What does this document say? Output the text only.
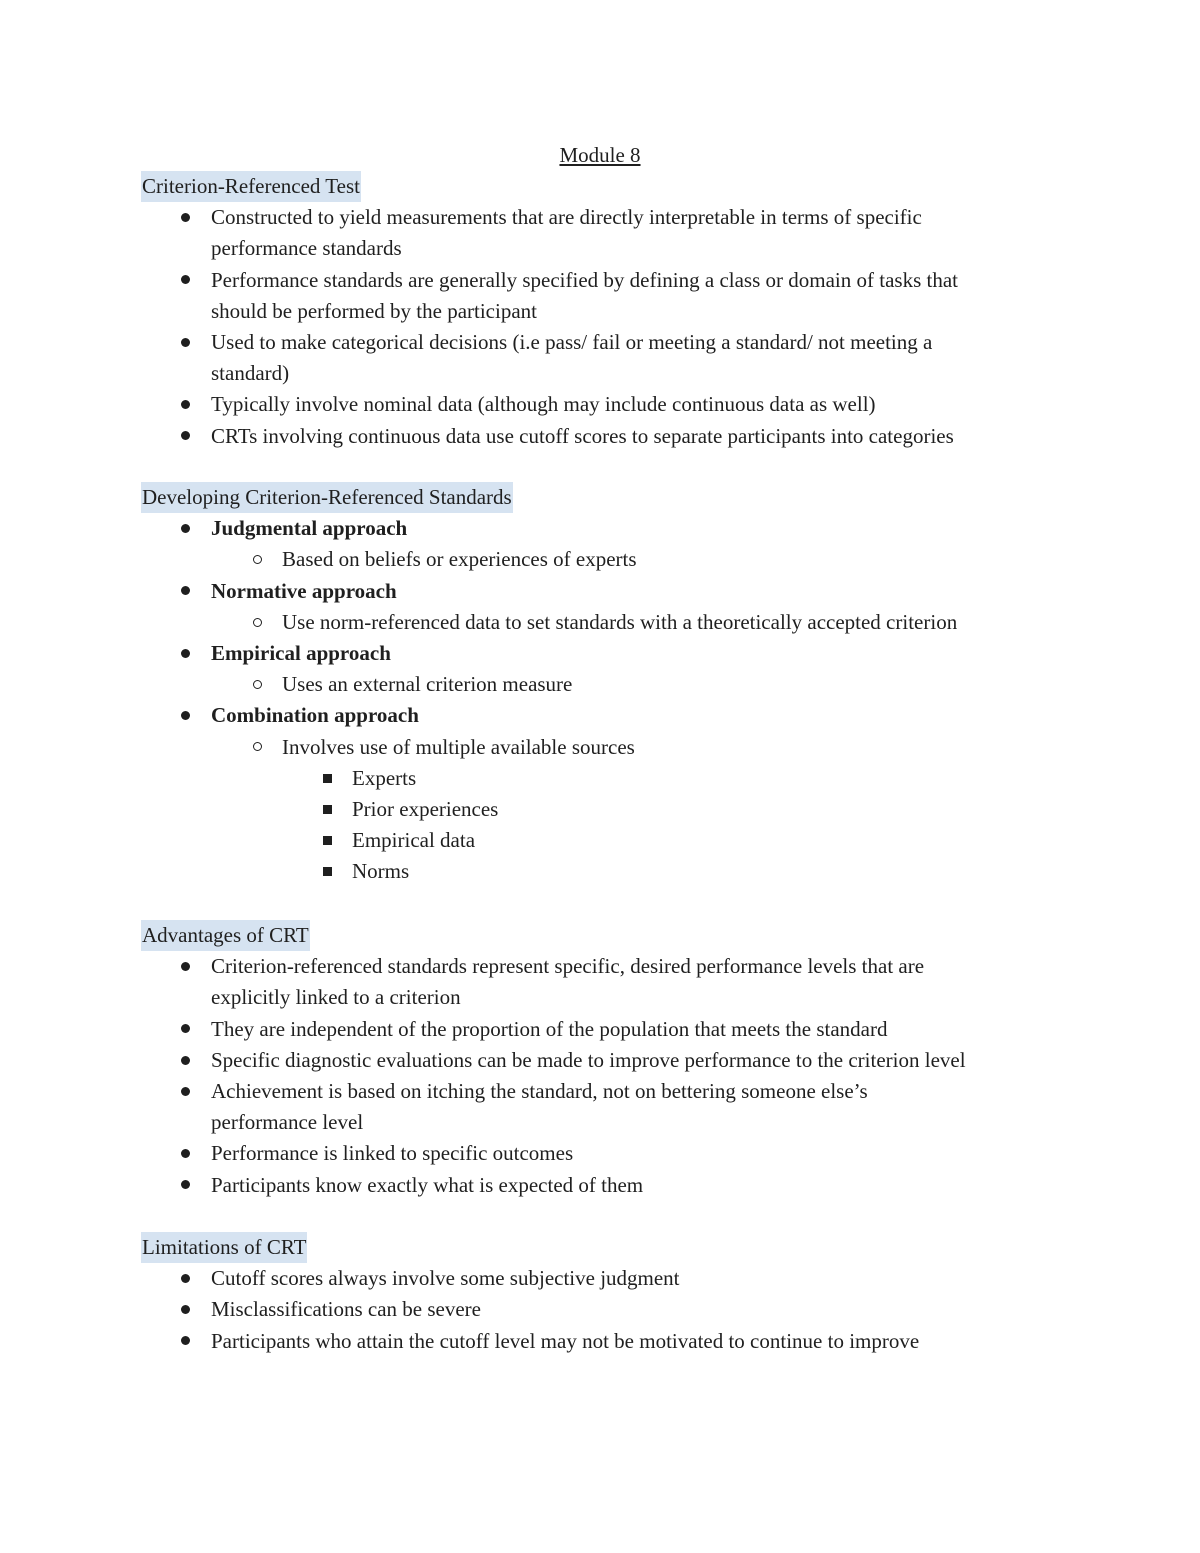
Module 8
Criterion-Referenced Test
Constructed to yield measurements that are directly interpretable in terms of specific
performance standards
Performance standards are generally specified by defining a class or domain of tasks that
should be performed by the participant
Used to make categorical decisions (i.e pass/ fail or meeting a standard/ not meeting a
standard)
Typically involve nominal data (although may include continuous data as well)
CRTs involving continuous data use cutoff scores to separate participants into categories
Developing Criterion-Referenced Standards
Judgmental approach
Based on beliefs or experiences of experts
Normative approach
Use norm-referenced data to set standards with a theoretically accepted criterion
Empirical approach
Uses an external criterion measure
Combination approach
Involves use of multiple available sources
Experts
Prior experiences
Empirical data
Norms
Advantages of CRT
Criterion-referenced standards represent specific, desired performance levels that are
explicitly linked to a criterion
They are independent of the proportion of the population that meets the standard
Specific diagnostic evaluations can be made to improve performance to the criterion level
Achievement is based on itching the standard, not on bettering someone else’s
performance level
Performance is linked to specific outcomes
Participants know exactly what is expected of them
Limitations of CRT
Cutoff scores always involve some subjective judgment
Misclassifications can be severe
Participants who attain the cutoff level may not be motivated to continue to improve
